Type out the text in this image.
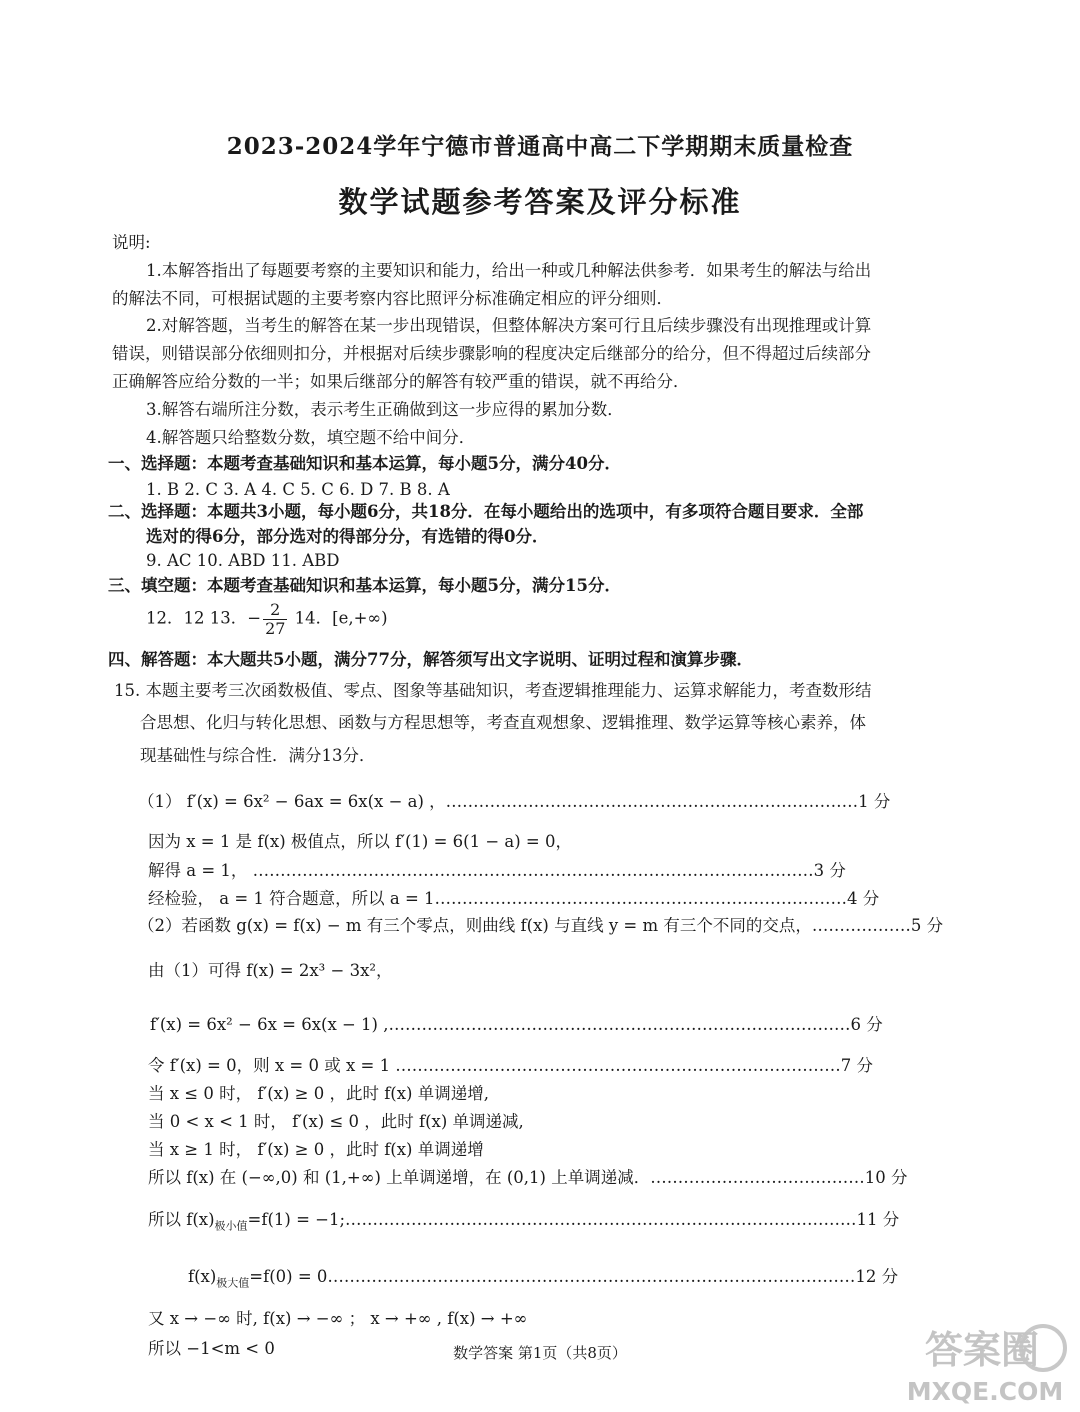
2023-2024学年宁德市普通高中高二下学期期末质量检查
数学试题参考答案及评分标准
说明:
1.本解答指出了每题要考察的主要知识和能力，给出一种或几种解法供参考．如果考生的解法与给出
的解法不同，可根据试题的主要考察内容比照评分标准确定相应的评分细则．
2.对解答题，当考生的解答在某一步出现错误，但整体解决方案可行且后续步骤没有出现推理或计算
错误，则错误部分依细则扣分，并根据对后续步骤影响的程度决定后继部分的给分，但不得超过后续部分
正确解答应给分数的一半；如果后继部分的解答有较严重的错误，就不再给分．
3.解答右端所注分数，表示考生正确做到这一步应得的累加分数．
4.解答题只给整数分数，填空题不给中间分．
一、选择题：本题考查基础知识和基本运算，每小题5分，满分40分．
1. B 2. C 3. A 4. C 5. C 6. D 7. B 8. A
二、选择题：本题共3小题，每小题6分，共18分．在每小题给出的选项中，有多项符合题目要求．全部
选对的得6分，部分选对的得部分分，有选错的得0分．
9. AC 10. ABD 11. ABD
三、填空题：本题考查基础知识和基本运算，每小题5分，满分15分．
12．12 13．− $\frac{2}{27} 14$．[e,+∞)
四、解答题：本大题共5小题，满分77分，解答须写出文字说明、证明过程和演算步骤．
15. 本题主要考三次函数极值、零点、图象等基础知识，考查逻辑推理能力、运算求解能力，考查数形结
合思想、化归与转化思想、函数与方程思想等，考查直观想象、逻辑推理、数学运算等核心素养，体
现基础性与综合性．满分13分．
（1） f′(x) = 6x² − 6ax = 6x(x − a) ，…………………………………………………………………1 分
因为 x = 1 是 f(x) 极值点，所以 f′(1) = 6(1 − a) = 0，
解得 a = 1， …………………………………………………………………………………………3 分
经检验， a = 1 符合题意，所以 a = 1…………………………………………………………………4 分
（2）若函数 g(x) = f(x) − m 有三个零点，则曲线 f(x) 与直线 y = m 有三个不同的交点，………………5 分
由（1）可得 f(x) = 2x³ − 3x²，
f′(x) = 6x² − 6x = 6x(x − 1) ,…………………………………………………………………………6 分
令 f′(x) = 0，则 x = 0 或 x = 1 ………………………………………………………………………7 分
当 x ≤ 0 时， f′(x) ≥ 0 ，此时 f(x) 单调递增,
当 0 < x < 1 时， f′(x) ≤ 0 ，此时 f(x) 单调递减,
当 x ≥ 1 时， f′(x) ≥ 0 ，此时 f(x) 单调递增
所以 f(x) 在 (−∞,0) 和 (1,+∞) 上单调递增，在 (0,1) 上单调递减．…………………………………10 分
所以 $f(x)_{极小值}=f(1)$ = −1;…………………………………………………………………………………11 分
$f(x)_{极大值}=f(0)$ = 0……………………………………………………………………………………12 分
又 x → −∞ 时, f(x) → −∞ ； x → +∞ , f(x) → +∞
所以 −1<m < 0	数学答案 第1页（共8页）	答案圈
MXQE.COM
